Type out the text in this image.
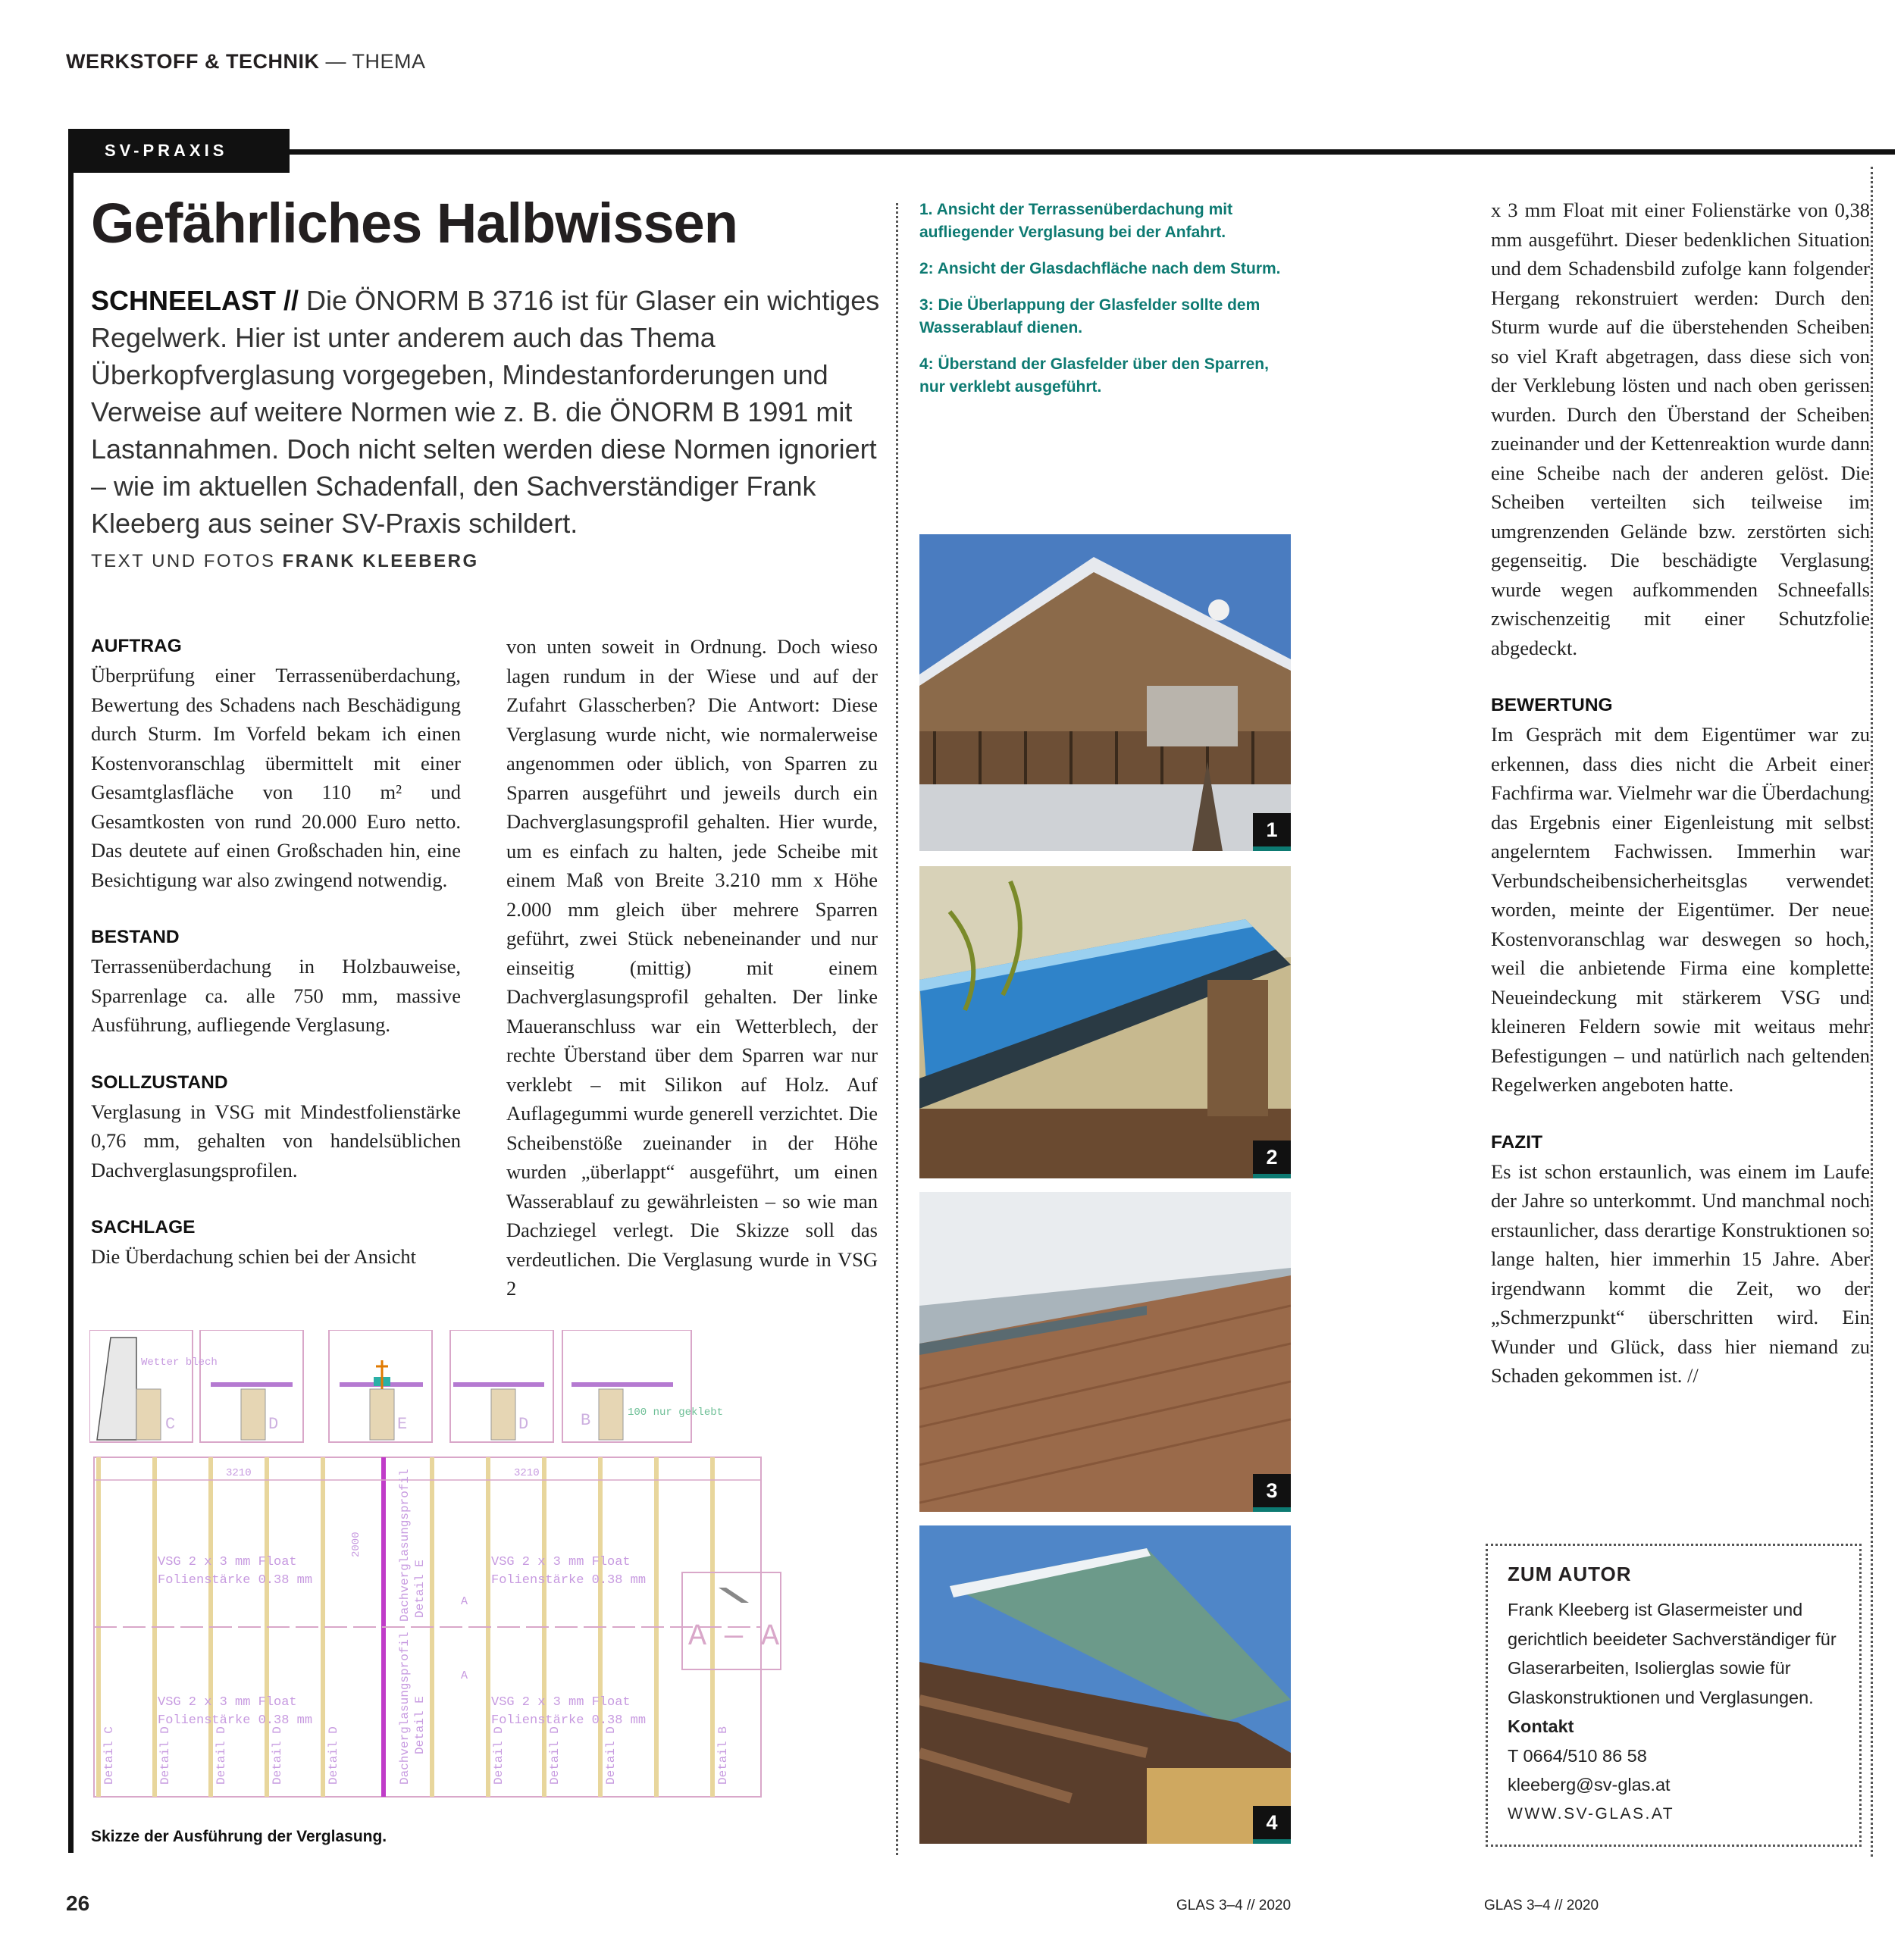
WERKSTOFF & TECHNIK — THEMA
SV-PRAXIS
Gefährliches Halbwissen
SCHNEELAST // Die ÖNORM B 3716 ist für Glaser ein wichtiges Regelwerk. Hier ist unter anderem auch das Thema Überkopfverglasung vorgegeben, Mindestanforderungen und Verweise auf weitere Normen wie z. B. die ÖNORM B 1991 mit Lastannahmen. Doch nicht selten werden diese Normen ignoriert – wie im aktuellen Schadenfall, den Sachverständiger Frank Kleeberg aus seiner SV-Praxis schildert.
TEXT UND FOTOS FRANK KLEEBERG
AUFTRAG

Überprüfung einer Terrassenüberdachung, Bewertung des Schadens nach Beschädigung durch Sturm. Im Vorfeld bekam ich einen Kostenvoranschlag übermittelt mit einer Gesamtglasfläche von 110 m² und Gesamtkosten von rund 20.000 Euro netto. Das deutete auf einen Großschaden hin, eine Besichtigung war also zwingend notwendig.

BESTAND

Terrassenüberdachung in Holzbauweise, Sparrenlage ca. alle 750 mm, massive Ausführung, aufliegende Verglasung.

SOLLZUSTAND

Verglasung in VSG mit Mindestfolienstärke 0,76 mm, gehalten von handelsüblichen Dachverglasungsprofilen.

SACHLAGE

Die Überdachung schien bei der Ansicht

von unten soweit in Ordnung. Doch wieso lagen rundum in der Wiese und auf der Zufahrt Glasscherben? Die Antwort: Diese Verglasung wurde nicht, wie normalerweise angenommen oder üblich, von Sparren zu Sparren ausgeführt und jeweils durch ein Dachverglasungsprofil gehalten. Hier wurde, um es einfach zu halten, jede Scheibe mit einem Maß von Breite 3.210 mm x Höhe 2.000 mm gleich über mehrere Sparren geführt, zwei Stück nebeneinander und nur einseitig (mittig) mit einem Dachverglasungsprofil gehalten. Der linke Maueranschluss war ein Wetterblech, der rechte Überstand über dem Sparren war nur verklebt – mit Silikon auf Holz. Auf Auflagegummi wurde generell verzichtet. Die Scheibenstöße zueinander in der Höhe wurden „überlappt“ ausgeführt, um einen Wasserablauf zu gewährleisten – so wie man Dachziegel verlegt. Die Skizze soll das verdeutlichen. Die Verglasung wurde in VSG 2

1. Ansicht der Terrassenüberdachung mit aufliegender Verglasung bei der Anfahrt.
2: Ansicht der Glasdachfläche nach dem Sturm.
3: Die Überlappung der Glasfelder sollte dem Wasserablauf dienen.
4: Überstand der Glasfelder über den Sparren, nur verklebt ausgeführt.
1
2
3
4

x 3 mm Float mit einer Folienstärke von 0,38 mm ausgeführt. Dieser bedenklichen Situation und dem Schadensbild zufolge kann folgender Hergang rekonstruiert werden: Durch den Sturm wurde auf die überstehenden Scheiben so viel Kraft abgetragen, dass diese sich von der Verklebung lösten und nach oben gerissen wurden. Durch den Überstand der Scheiben zueinander und der Kettenreaktion wurde dann eine Scheibe nach der anderen gelöst. Die Scheiben verteilten sich teilweise im umgrenzenden Gelände bzw. zerstörten sich gegenseitig. Die beschädigte Verglasung wurde wegen aufkommenden Schneefalls zwischenzeitig mit einer Schutzfolie abgedeckt.

BEWERTUNG

Im Gespräch mit dem Eigentümer war zu erkennen, dass dies nicht die Arbeit einer Fachfirma war. Vielmehr war die Überdachung das Ergebnis einer Eigenleistung mit selbst angelerntem Fachwissen. Immerhin war Verbundscheibensicherheitsglas verwendet worden, meinte der Eigentümer. Der neue Kostenvoranschlag war deswegen so hoch, weil die anbietende Firma eine komplette Neueindeckung mit stärkerem VSG und kleineren Feldern sowie mit weitaus mehr Befestigungen – und natürlich nach geltenden Regelwerken angeboten hatte.

FAZIT

Es ist schon erstaunlich, was einem im Laufe der Jahre so unterkommt. Und manchmal noch erstaunlicher, dass derartige Konstruktionen so lange halten, hier immerhin 15 Jahre. Aber irgendwann kommt die Zeit, wo der „Schmerzpunkt“ überschritten wird. Ein Wunder und Glück, dass hier niemand zu Schaden gekommen ist. //

C	D	E	D	B
Wetter blech
100 nur geklebt
3210	3210
2000
VSG 2 x 3 mm Float
Folienstärke 0.38 mm
VSG 2 x 3 mm Float
Folienstärke 0.38 mm
VSG 2 x 3 mm Float
Folienstärke 0.38 mm
VSG 2 x 3 mm Float
Folienstärke 0.38 mm
Dachverglasungsprofil Detail E
Dachverglasungsprofil Detail E
A — A
A
A
Detail C	Detail D	Detail D	Detail D	Detail D	Detail D	Detail D	Detail D	Detail B
Skizze der Ausführung der Verglasung.
ZUM AUTOR

Frank Kleeberg ist Glasermeister und gerichtlich beeideter Sachverständiger für Glaserarbeiten, Isolierglas sowie für Glaskonstruktionen und Verglasungen.

Kontakt

T 0664/510 86 58

kleeberg@sv-glas.at

WWW.SV-GLAS.AT

26	GLAS 3–4 // 2020	GLAS 3–4 // 2020
